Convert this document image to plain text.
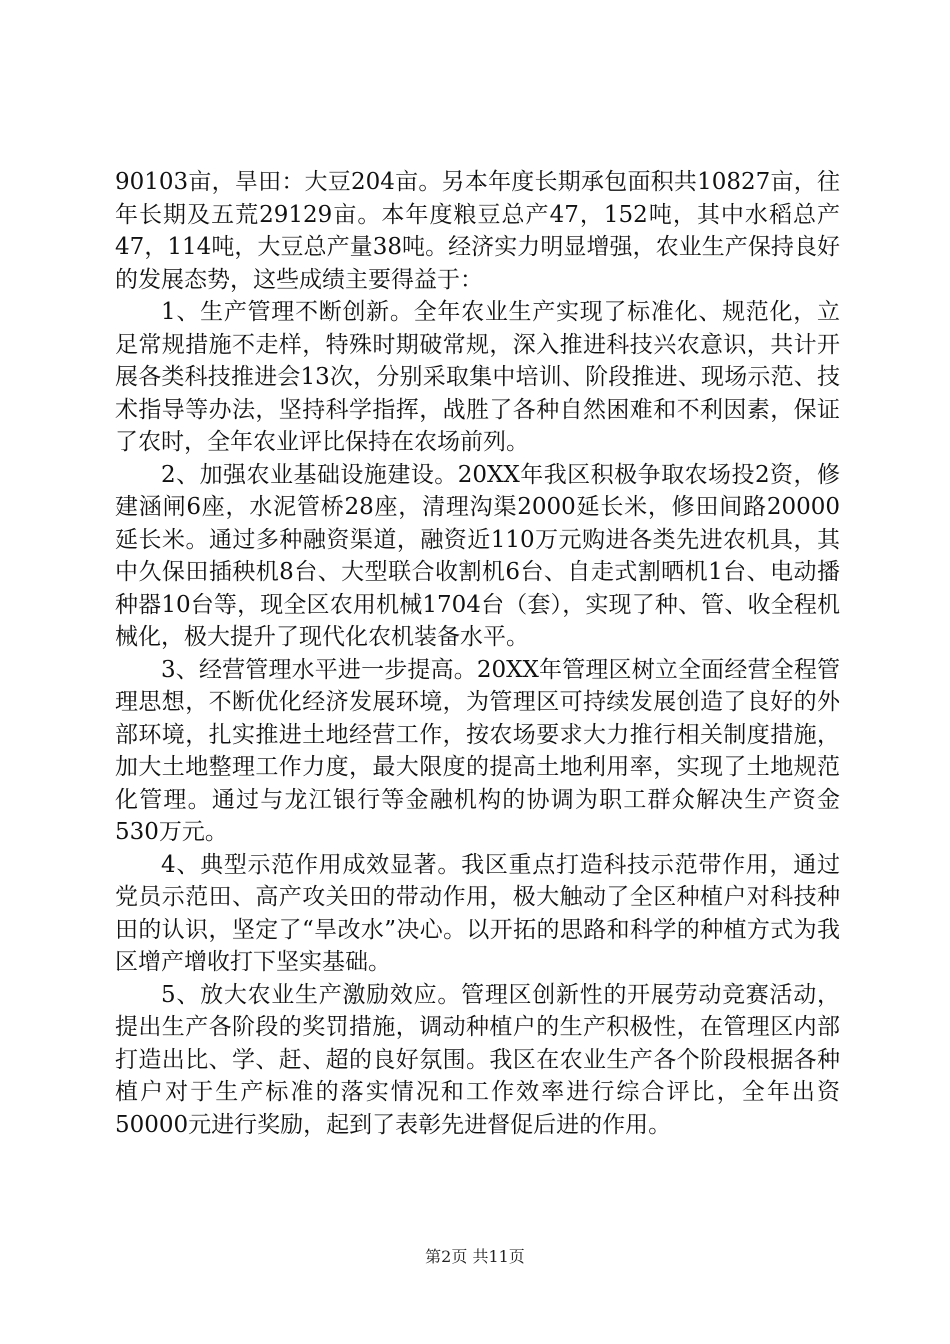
90103亩，旱田：大豆204亩。另本年度长期承包面积共10827亩，往年长期及五荒29129亩。本年度粮豆总产47，152吨，其中水稻总产47，114吨，大豆总产量38吨。经济实力明显增强，农业生产保持良好的发展态势，这些成绩主要得益于：

1、生产管理不断创新。全年农业生产实现了标准化、规范化，立足常规措施不走样，特殊时期破常规，深入推进科技兴农意识，共计开展各类科技推进会13次，分别采取集中培训、阶段推进、现场示范、技术指导等办法，坚持科学指挥，战胜了各种自然困难和不利因素，保证了农时，全年农业评比保持在农场前列。

2、加强农业基础设施建设。20XX年我区积极争取农场投2资，修建涵闸6座，水泥管桥28座，清理沟渠2000延长米，修田间路20000延长米。通过多种融资渠道，融资近110万元购进各类先进农机具，其中久保田插秧机8台、大型联合收割机6台、自走式割晒机1台、电动播种器10台等，现全区农用机械1704台（套），实现了种、管、收全程机械化，极大提升了现代化农机装备水平。

3、经营管理水平进一步提高。20XX年管理区树立全面经营全程管理思想，不断优化经济发展环境，为管理区可持续发展创造了良好的外部环境，扎实推进土地经营工作，按农场要求大力推行相关制度措施，加大土地整理工作力度，最大限度的提高土地利用率，实现了土地规范化管理。通过与龙江银行等金融机构的协调为职工群众解决生产资金530万元。

4、典型示范作用成效显著。我区重点打造科技示范带作用，通过党员示范田、高产攻关田的带动作用，极大触动了全区种植户对科技种田的认识，坚定了“旱改水”决心。以开拓的思路和科学的种植方式为我区增产增收打下坚实基础。

5、放大农业生产激励效应。管理区创新性的开展劳动竞赛活动，提出生产各阶段的奖罚措施，调动种植户的生产积极性，在管理区内部打造出比、学、赶、超的良好氛围。我区在农业生产各个阶段根据各种植户对于生产标准的落实情况和工作效率进行综合评比，全年出资50000元进行奖励，起到了表彰先进督促后进的作用。

第2页 共11页
